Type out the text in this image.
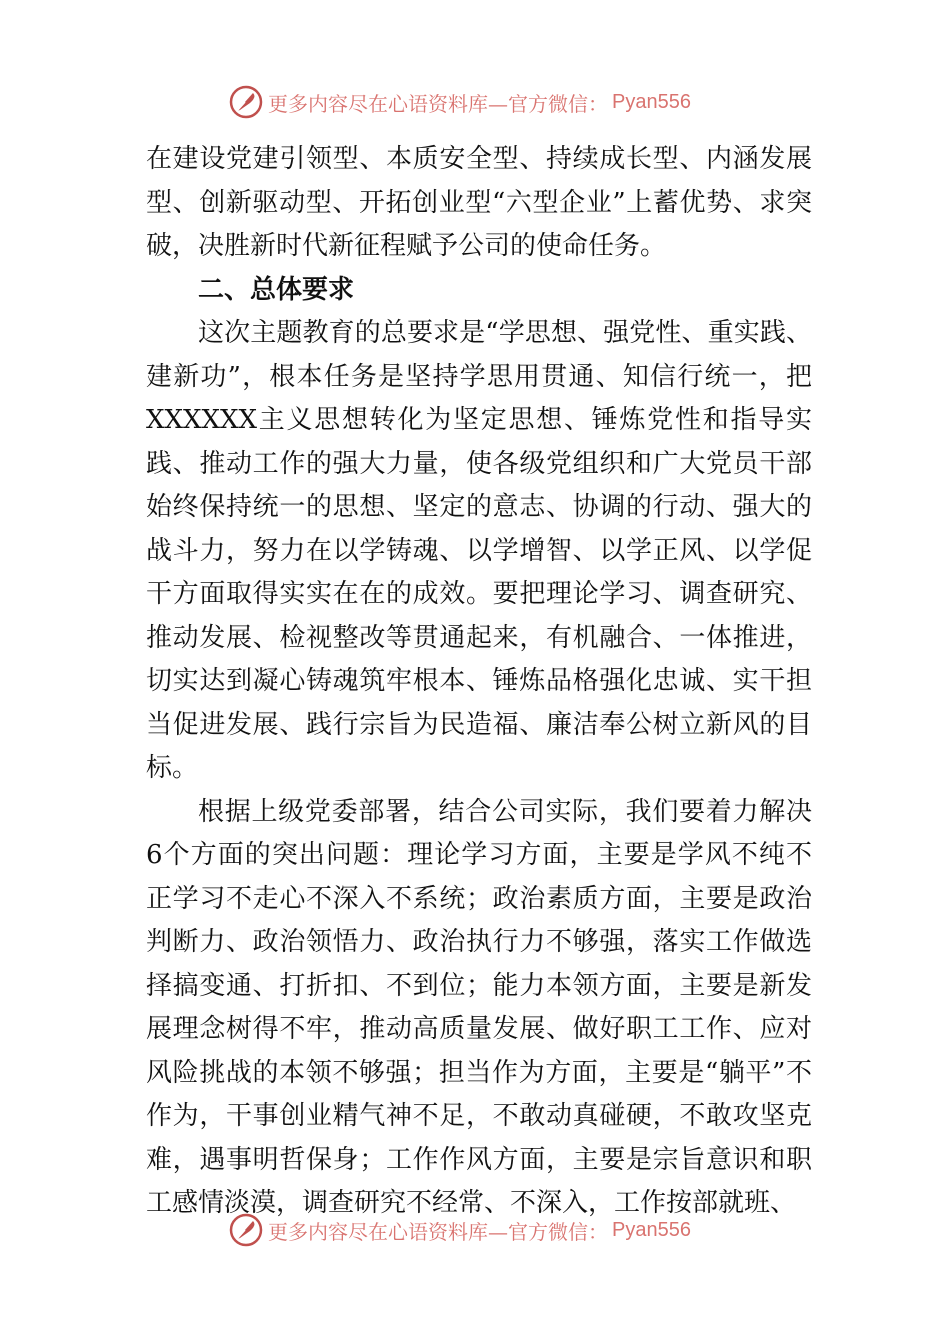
更多内容尽在心语资料库—官方微信： Pyan556

在建设党建引领型、本质安全型、持续成长型、内涵发展型、创新驱动型、开拓创业型“六型企业”上蓄优势、求突破，决胜新时代新征程赋予公司的使命任务。

二、总体要求

这次主题教育的总要求是“学思想、强党性、重实践、建新功”，根本任务是坚持学思用贯通、知信行统一，把XXXXXX主义思想转化为坚定思想、锤炼党性和指导实践、推动工作的强大力量，使各级党组织和广大党员干部始终保持统一的思想、坚定的意志、协调的行动、强大的战斗力，努力在以学铸魂、以学增智、以学正风、以学促干方面取得实实在在的成效。要把理论学习、调查研究、推动发展、检视整改等贯通起来，有机融合、一体推进，切实达到凝心铸魂筑牢根本、锤炼品格强化忠诚、实干担当促进发展、践行宗旨为民造福、廉洁奉公树立新风的目标。

根据上级党委部署，结合公司实际，我们要着力解决6个方面的突出问题：理论学习方面，主要是学风不纯不正学习不走心不深入不系统；政治素质方面，主要是政治判断力、政治领悟力、政治执行力不够强，落实工作做选择搞变通、打折扣、不到位；能力本领方面，主要是新发展理念树得不牢，推动高质量发展、做好职工工作、应对风险挑战的本领不够强；担当作为方面，主要是“躺平”不作为，干事创业精气神不足，不敢动真碰硬，不敢攻坚克难，遇事明哲保身；工作作风方面，主要是宗旨意识和职工感情淡漠，调查研究不经常、不深入，工作按部就班、

更多内容尽在心语资料库—官方微信： Pyan556
